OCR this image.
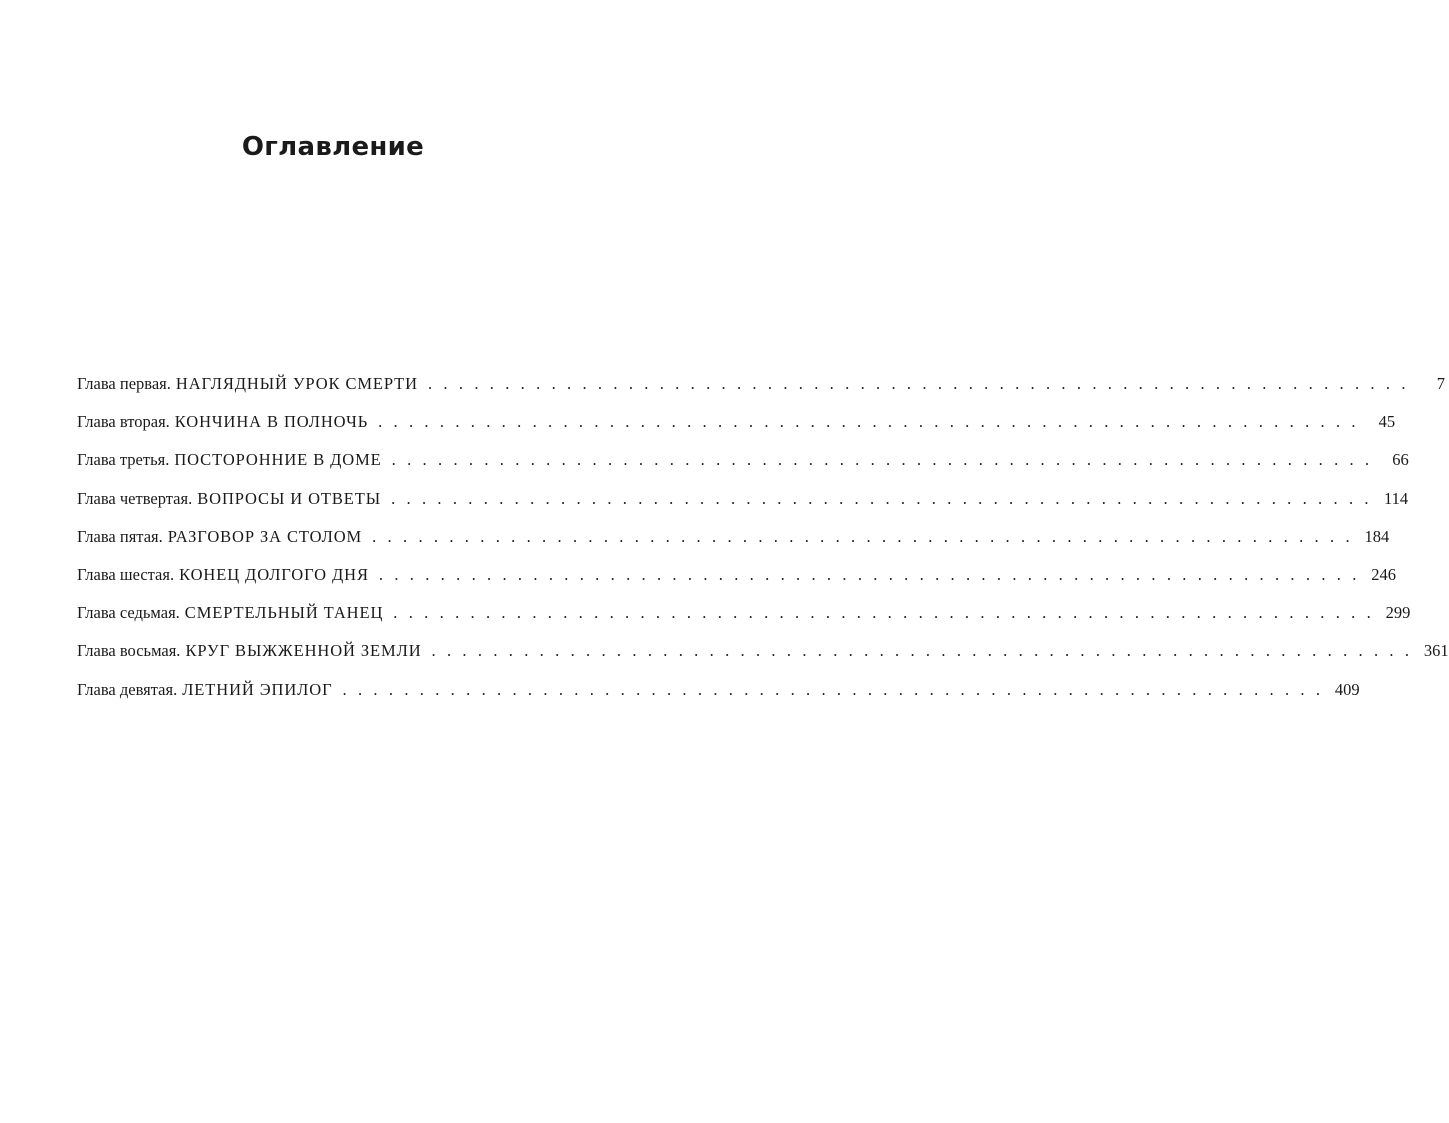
Оглавление
Глава первая. НАГЛЯДНЫЙ УРОК СМЕРТИ . . . . . . . . . . . . . . . . . . . . . . . . . . . . . . . . . . . . . . . . . . . . . . . . . . . . . . . . . . . . . . . .	7
Глава вторая. КОНЧИНА В ПОЛНОЧЬ . . . . . . . . . . . . . . . . . . . . . . . . . . . . . . . . . . . . . . . . . . . . . . . . . . . . . . . . . . . . . . . .	45
Глава третья. ПОСТОРОННИЕ В ДОМЕ . . . . . . . . . . . . . . . . . . . . . . . . . . . . . . . . . . . . . . . . . . . . . . . . . . . . . . . . . . . . . . . .	66
Глава четвертая. ВОПРОСЫ И ОТВЕТЫ . . . . . . . . . . . . . . . . . . . . . . . . . . . . . . . . . . . . . . . . . . . . . . . . . . . . . . . . . . . . . . . . 114
Глава пятая. РАЗГОВОР ЗА СТОЛОМ . . . . . . . . . . . . . . . . . . . . . . . . . . . . . . . . . . . . . . . . . . . . . . . . . . . . . . . . . . . . . . . . 184
Глава шестая. КОНЕЦ ДОЛГОГО ДНЯ . . . . . . . . . . . . . . . . . . . . . . . . . . . . . . . . . . . . . . . . . . . . . . . . . . . . . . . . . . . . . . . . 246
Глава седьмая. СМЕРТЕЛЬНЫЙ ТАНЕЦ . . . . . . . . . . . . . . . . . . . . . . . . . . . . . . . . . . . . . . . . . . . . . . . . . . . . . . . . . . . . . . . . 299
Глава восьмая. КРУГ ВЫЖЖЕННОЙ ЗЕМЛИ . . . . . . . . . . . . . . . . . . . . . . . . . . . . . . . . . . . . . . . . . . . . . . . . . . . . . . . . . . . . . . . . 361
Глава девятая. ЛЕТНИЙ ЭПИЛОГ . . . . . . . . . . . . . . . . . . . . . . . . . . . . . . . . . . . . . . . . . . . . . . . . . . . . . . . . . . . . . . . . 409
